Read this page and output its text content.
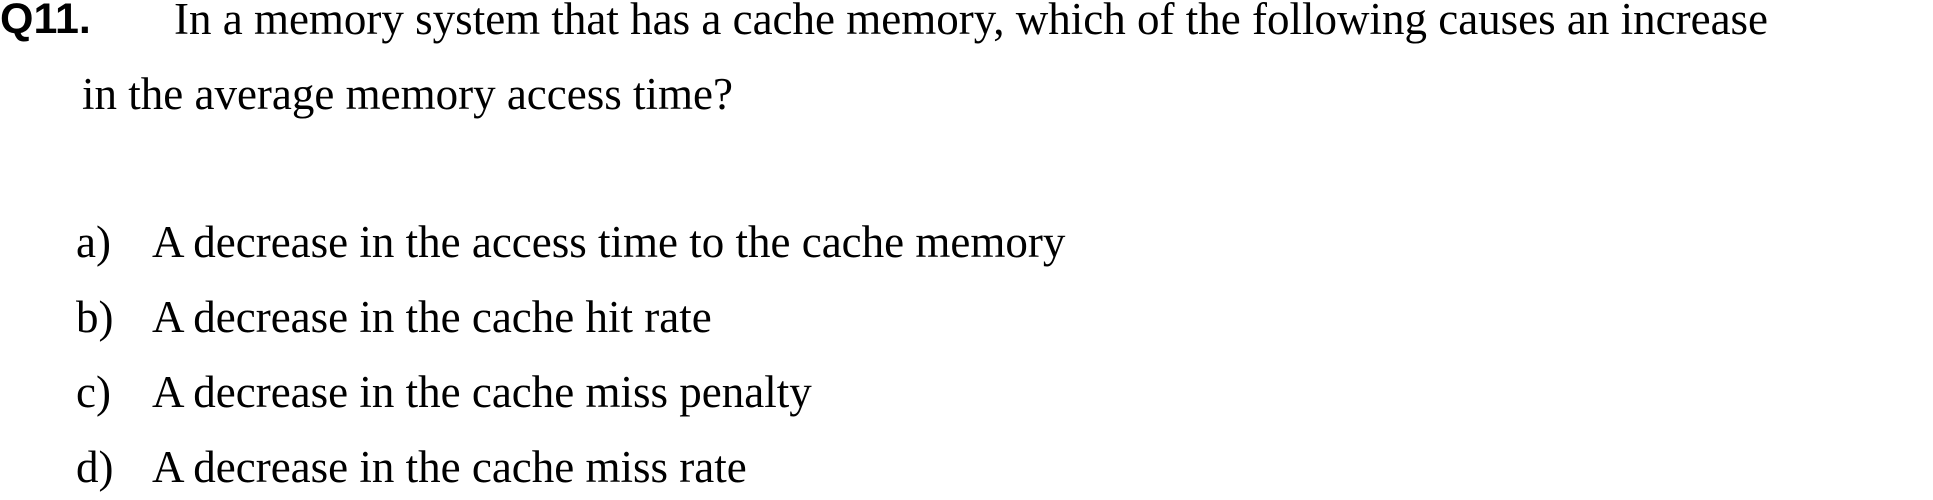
Q11. In a memory system that has a cache memory, which of the following causes an increase
in the average memory access time?
a) A decrease in the access time to the cache memory
b) A decrease in the cache hit rate
c) A decrease in the cache miss penalty
d) A decrease in the cache miss rate
